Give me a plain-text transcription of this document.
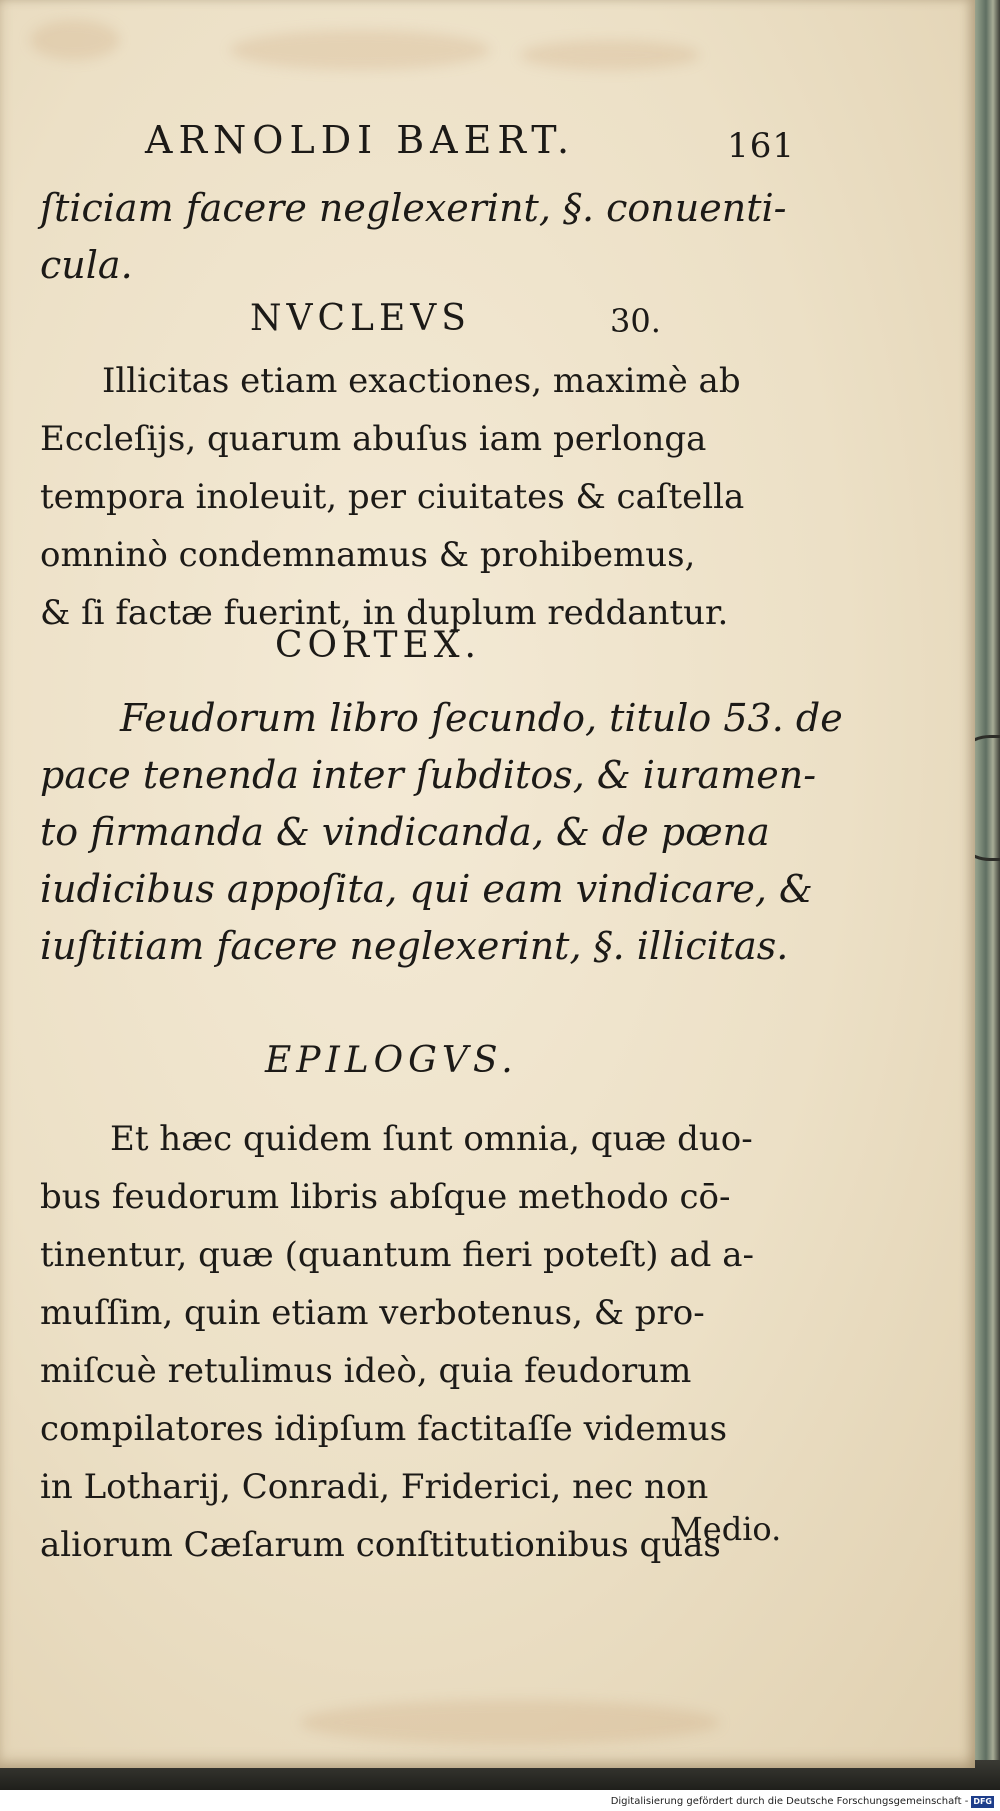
ARNOLDI BAERT.	161
ſticiam facere neglexerint, §. conuenti-
cula.
NVCLEVS	30.
Illicitas etiam exactiones, maximè ab
Eccleſijs, quarum abuſus iam perlonga
tempora inoleuit, per ciuitates & caſtella
omninò condemnamus & prohibemus,
& ſi factæ fuerint, in duplum reddantur.
CORTEX.
Feudorum libro ſecundo, titulo 53. de
pace tenenda inter ſubditos, & iuramen-
to firmanda & vindicanda, & de pœna
iudicibus appoſita, qui eam vindicare, &
iuſtitiam facere neglexerint, §. illicitas.
EPILOGVS.
Et hæc quidem ſunt omnia, quæ duo-
bus feudorum libris abſque methodo cō-
tinentur, quæ (quantum fieri poteſt) ad a-
muſſim, quin etiam verbotenus, & pro-
miſcuè retulimus ideò, quia feudorum
compilatores idipſum factitaſſe videmus
in Lotharij, Conradi, Friderici, nec non
aliorum Cæſarum conſtitutionibus quas
Medio.
Digitalisierung gefördert durch die Deutsche Forschungsgemeinschaft - DFG
